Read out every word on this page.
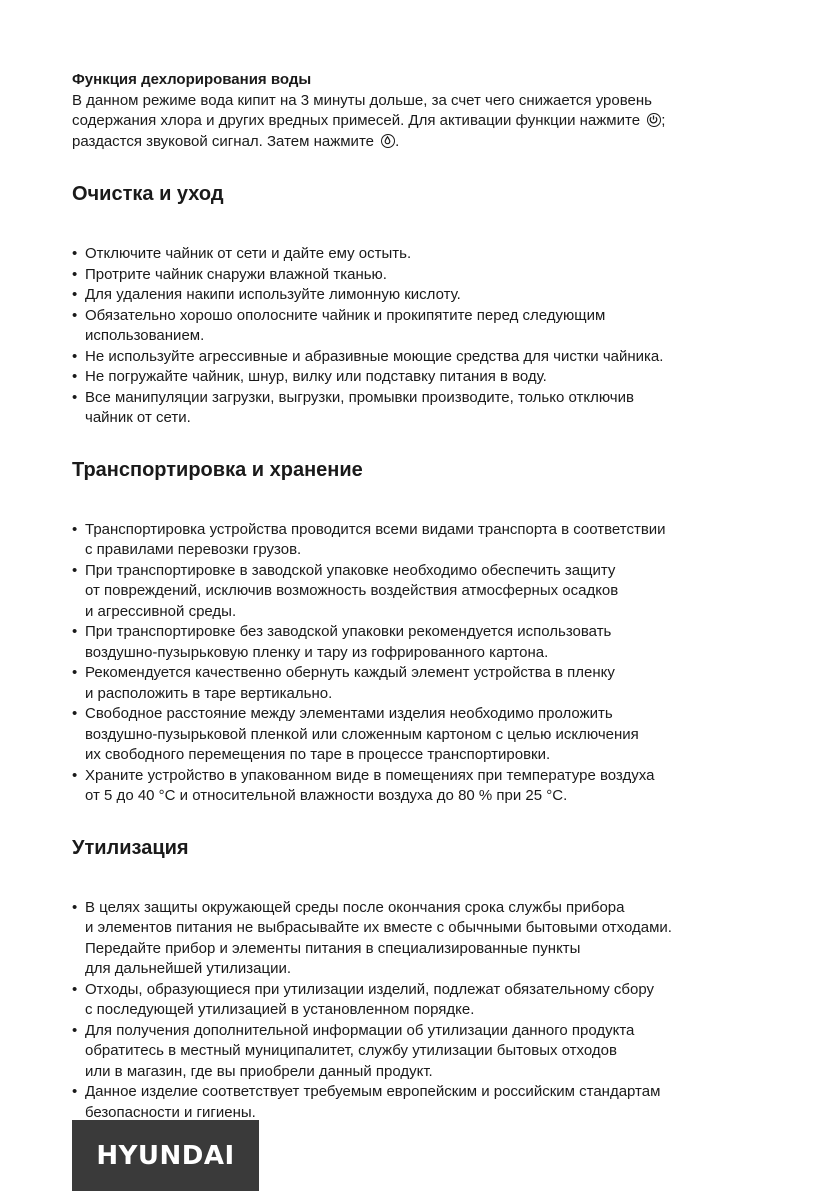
Функция дехлорирования воды

В данном режиме вода кипит на 3 минуты дольше, за счет чего снижается уровень

содержания хлора и других вредных примесей. Для активации функции нажмите ;

раздастся звуковой сигнал. Затем нажмите .

Очистка и уход
• Отключите чайник от сети и дайте ему остыть.
• Протрите чайник снаружи влажной тканью.
• Для удаления накипи используйте лимонную кислоту.
• Обязательно хорошо ополосните чайник и прокипятите перед следующим
использованием.
• Не используйте агрессивные и абразивные моющие средства для чистки чайника.
• Не погружайте чайник, шнур, вилку или подставку питания в воду.
• Все манипуляции загрузки, выгрузки, промывки производите, только отключив
чайник от сети.
Транспортировка и хранение
• Транспортировка устройства проводится всеми видами транспорта в соответствии
с правилами перевозки грузов.
• При транспортировке в заводской упаковке необходимо обеспечить защиту
от повреждений, исключив возможность воздействия атмосферных осадков
и агрессивной среды.
• При транспортировке без заводской упаковки рекомендуется использовать
воздушно-пузырьковую пленку и тару из гофрированного картона.
• Рекомендуется качественно обернуть каждый элемент устройства в пленку
и расположить в таре вертикально.
• Свободное расстояние между элементами изделия необходимо проложить
воздушно-пузырьковой пленкой или сложенным картоном с целью исключения
их свободного перемещения по таре в процессе транспортировки.
• Храните устройство в упакованном виде в помещениях при температуре воздуха
от 5 до 40 °С и относительной влажности воздуха до 80 % при 25 °С.
Утилизация
• В целях защиты окружающей среды после окончания срока службы прибора
и элементов питания не выбрасывайте их вместе с обычными бытовыми отходами.
Передайте прибор и элементы питания в специализированные пункты
для дальнейшей утилизации.
• Отходы, образующиеся при утилизации изделий, подлежат обязательному сбору
с последующей утилизацией в установленном порядке.
• Для получения дополнительной информации об утилизации данного продукта
обратитесь в местный муниципалитет, службу утилизации бытовых отходов
или в магазин, где вы приобрели данный продукт.
• Данное изделие соответствует требуемым европейским и российским стандартам
безопасности и гигиены.
HYUNDAI
